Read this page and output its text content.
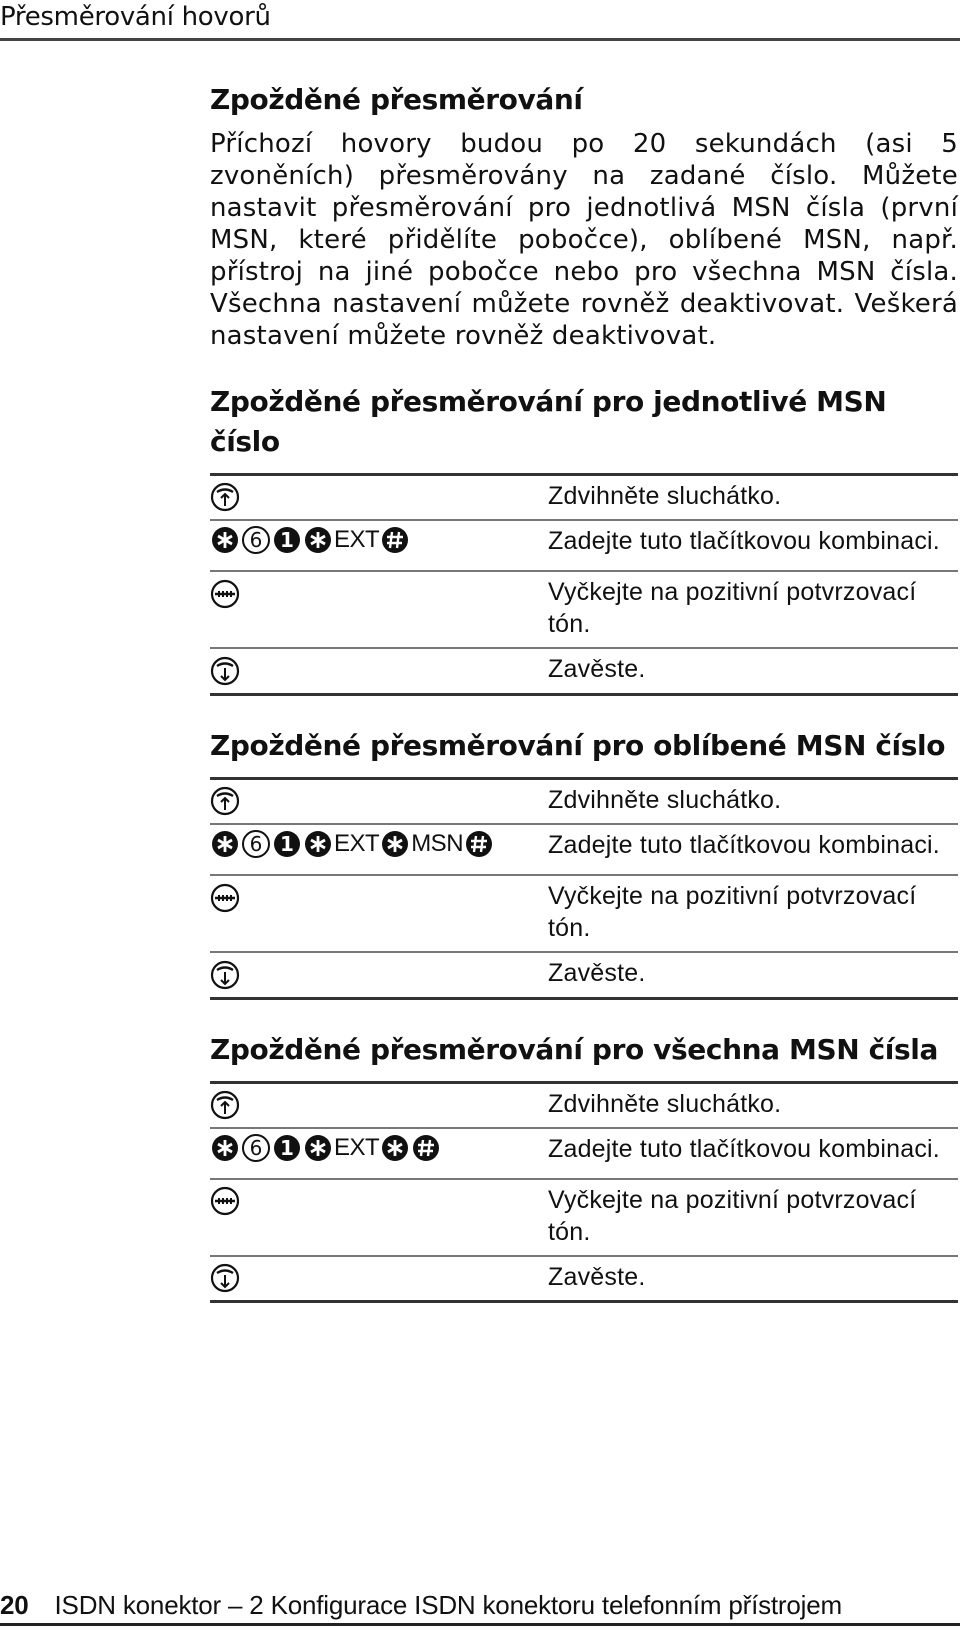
Přesměrování hovorů
Zpožděné přesměrování

Příchozí hovory budou po 20 sekundách (asi 5 zvoněních) přesměrovány na zadané číslo. Můžete nastavit přesměrování pro jednotlivá MSN čísla (první MSN, které přidělíte pobočce), oblíbené MSN, např. přístroj na jiné pobočce nebo pro všechna MSN čísla. Všechna nastavení můžete rovněž deaktivovat. Veškerá nastavení můžete rovněž deaktivovat.

Zpožděné přesměrování pro jednotlivé MSN číslo
	Zdvihněte sluchátko.

6 1 EXT	Zadejte tuto tlačítkovou kombinaci.
	Vyčkejte na pozitivní potvrzovací tón.
	Zavěste.
Zpožděné přesměrování pro oblíbené MSN číslo
	Zdvihněte sluchátko.

6 1 EXT MSN	Zadejte tuto tlačítkovou kombinaci.
	Vyčkejte na pozitivní potvrzovací tón.
	Zavěste.
Zpožděné přesměrování pro všechna MSN čísla
	Zdvihněte sluchátko.

6 1 EXT	Zadejte tuto tlačítkovou kombinaci.
	Vyčkejte na pozitivní potvrzovací tón.
	Zavěste.
20 ISDN konektor – 2 Konfigurace ISDN konektoru telefonním přístrojem
